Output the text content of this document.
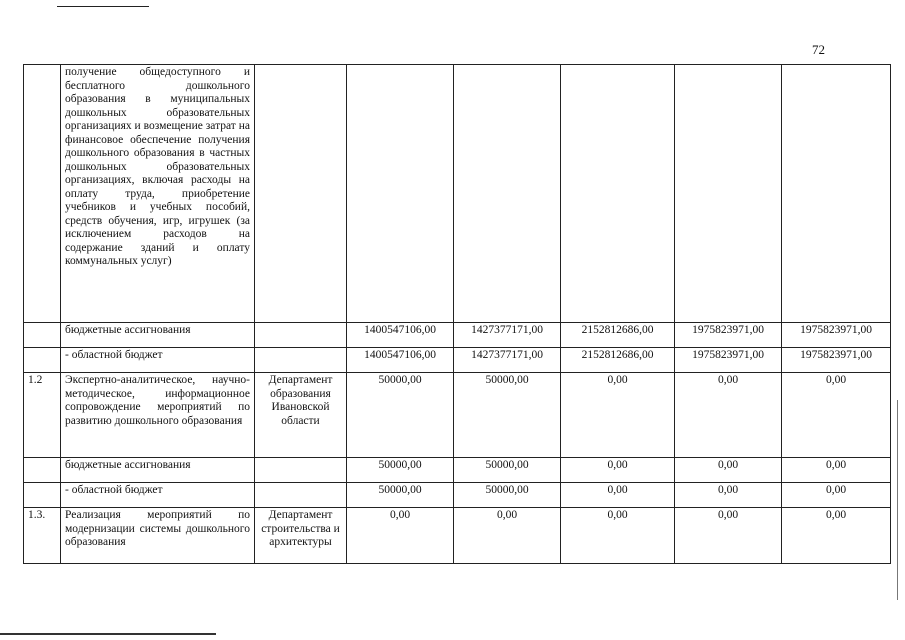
72
	получение общедоступного и бесплатного дошкольного образования в муниципальных дошкольных образовательных организациях и возмещение затрат на финансовое обеспечение получения дошкольного образования в частных дошкольных образовательных организациях, включая расходы на оплату труда, приобретение учебников и учебных пособий, средств обучения, игр, игрушек (за исключением расходов на содержание зданий и оплату коммунальных услуг)						
	бюджетные ассигнования		1400547106,00	1427377171,00	2152812686,00	1975823971,00	1975823971,00
	- областной бюджет		1400547106,00	1427377171,00	2152812686,00	1975823971,00	1975823971,00
1.2	Экспертно-аналитическое, научно-методическое, информационное сопровождение мероприятий по развитию дошкольного образования	Департамент образования Ивановской области	50000,00	50000,00	0,00	0,00	0,00
	бюджетные ассигнования		50000,00	50000,00	0,00	0,00	0,00
	- областной бюджет		50000,00	50000,00	0,00	0,00	0,00
1.3.	Реализация мероприятий по модернизации системы дошкольного образования	Департамент строительства и архитектуры	0,00	0,00	0,00	0,00	0,00
